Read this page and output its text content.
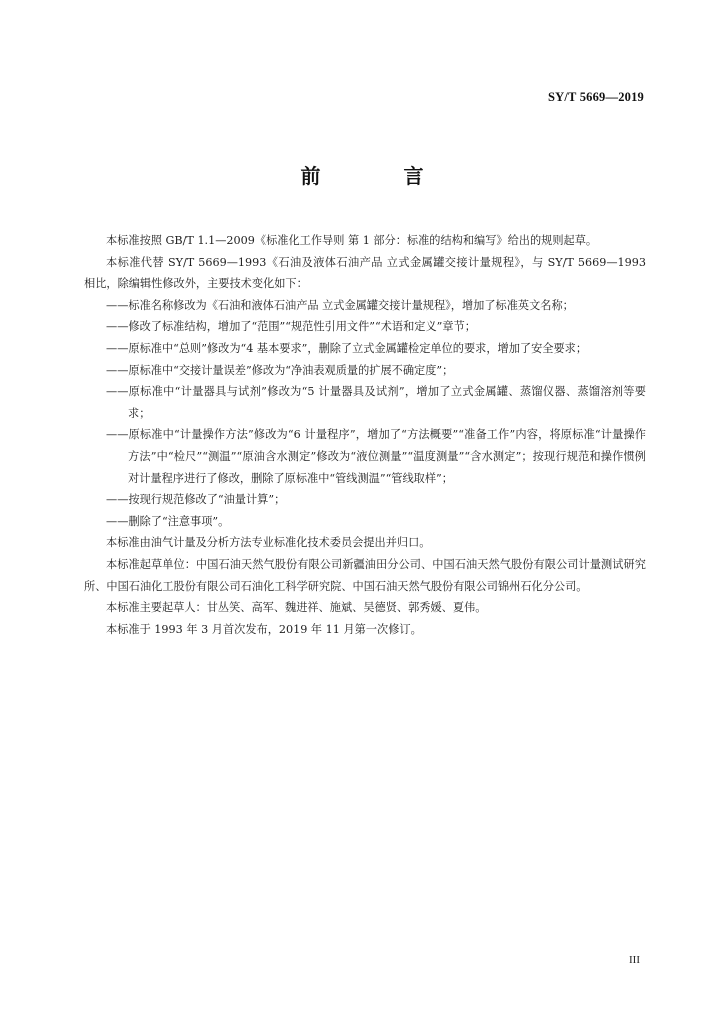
SY/T 5669—2019
前 言

本标准按照 GB/T 1.1—2009《标准化工作导则 第 1 部分：标准的结构和编写》给出的规则起草。

本标准代替 SY/T 5669—1993《石油及液体石油产品 立式金属罐交接计量规程》，与 SY/T 5669—1993 相比，除编辑性修改外，主要技术变化如下：

——标准名称修改为《石油和液体石油产品 立式金属罐交接计量规程》，增加了标准英文名称；

——修改了标准结构，增加了“范围”“规范性引用文件”“术语和定义”章节；

——原标准中“总则”修改为“4 基本要求”，删除了立式金属罐检定单位的要求，增加了安全要求；

——原标准中“交接计量误差”修改为“净油表观质量的扩展不确定度”；

——原标准中“计量器具与试剂”修改为“5 计量器具及试剂”，增加了立式金属罐、蒸馏仪器、蒸馏溶剂等要求；

——原标准中“计量操作方法”修改为“6 计量程序”，增加了“方法概要”“准备工作”内容，将原标准“计量操作方法”中“检尺”“测温”“原油含水测定”修改为“液位测量”“温度测量”“含水测定”；按现行规范和操作惯例对计量程序进行了修改，删除了原标准中“管线测温”“管线取样”；

——按现行规范修改了“油量计算”；

——删除了“注意事项”。

本标准由油气计量及分析方法专业标准化技术委员会提出并归口。

本标准起草单位：中国石油天然气股份有限公司新疆油田分公司、中国石油天然气股份有限公司计量测试研究所、中国石油化工股份有限公司石油化工科学研究院、中国石油天然气股份有限公司锦州石化分公司。

本标准主要起草人：甘丛笑、高军、魏进祥、施斌、吴德贤、郭秀媛、夏伟。

本标准于 1993 年 3 月首次发布，2019 年 11 月第一次修订。

III
